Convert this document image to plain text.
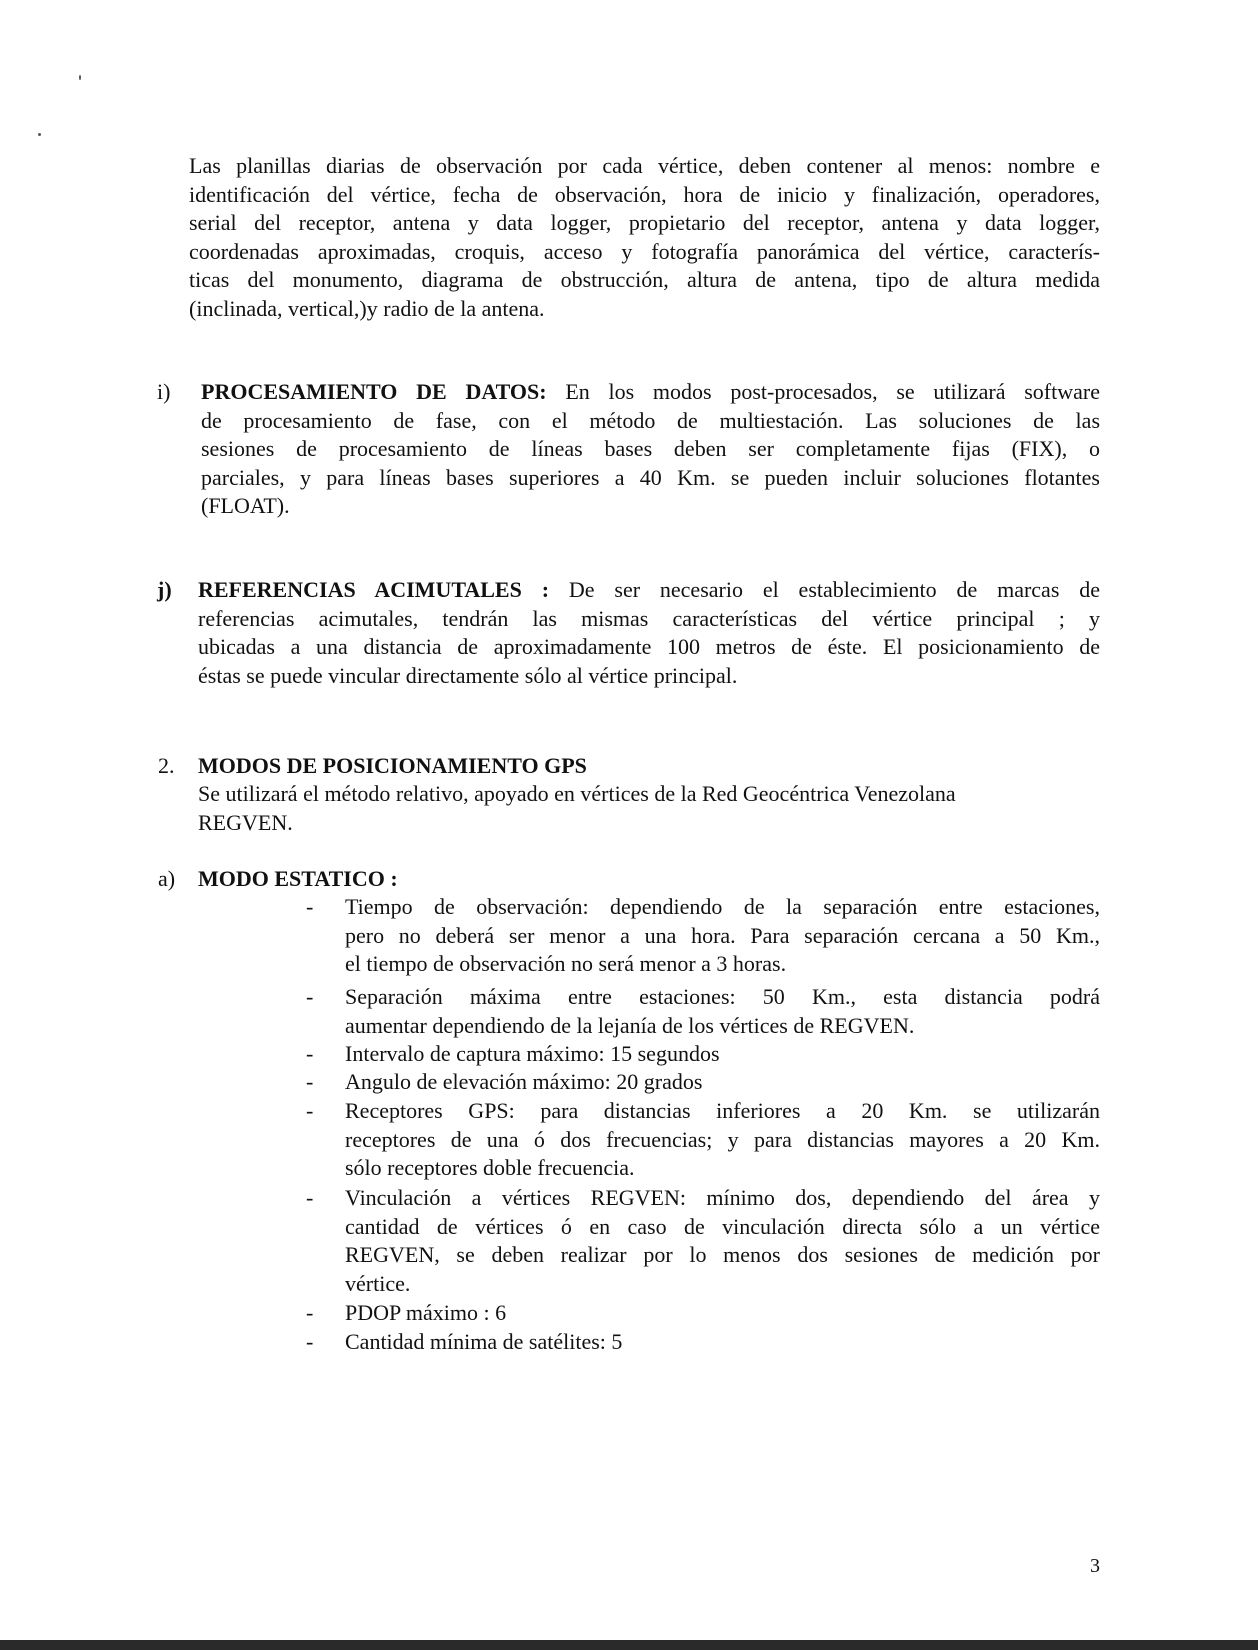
Las planillas diarias de observación por cada vértice, deben contener al menos: nombre e
identificación del vértice, fecha de observación, hora de inicio y finalización, operadores,
serial del receptor, antena y data logger, propietario del receptor, antena y data logger,
coordenadas aproximadas, croquis, acceso y fotografía panorámica del vértice, caracterís-
ticas del monumento, diagrama de obstrucción, altura de antena, tipo de altura medida
(inclinada, vertical,)y radio de la antena.
i) PROCESAMIENTO DE DATOS: En los modos post-procesados, se utilizará software
de procesamiento de fase, con el método de multiestación. Las soluciones de las
sesiones de procesamiento de líneas bases deben ser completamente fijas (FIX), o
parciales, y para líneas bases superiores a 40 Km. se pueden incluir soluciones flotantes
(FLOAT).
j) REFERENCIAS ACIMUTALES : De ser necesario el establecimiento de marcas de
referencias acimutales, tendrán las mismas características del vértice principal ; y
ubicadas a una distancia de aproximadamente 100 metros de éste. El posicionamiento de
éstas se puede vincular directamente sólo al vértice principal.
2. MODOS DE POSICIONAMIENTO GPS
Se utilizará el método relativo, apoyado en vértices de la Red Geocéntrica Venezolana
REGVEN.
a) MODO ESTATICO :
- Tiempo de observación: dependiendo de la separación entre estaciones,
pero no deberá ser menor a una hora. Para separación cercana a 50 Km.,
el tiempo de observación no será menor a 3 horas.
- Separación máxima entre estaciones: 50 Km., esta distancia podrá
aumentar dependiendo de la lejanía de los vértices de REGVEN.
- Intervalo de captura máximo: 15 segundos
- Angulo de elevación máximo: 20 grados
- Receptores GPS: para distancias inferiores a 20 Km. se utilizarán
receptores de una ó dos frecuencias; y para distancias mayores a 20 Km.
sólo receptores doble frecuencia.
- Vinculación a vértices REGVEN: mínimo dos, dependiendo del área y
cantidad de vértices ó en caso de vinculación directa sólo a un vértice
REGVEN, se deben realizar por lo menos dos sesiones de medición por
vértice.
- PDOP máximo : 6
- Cantidad mínima de satélites: 5
3
